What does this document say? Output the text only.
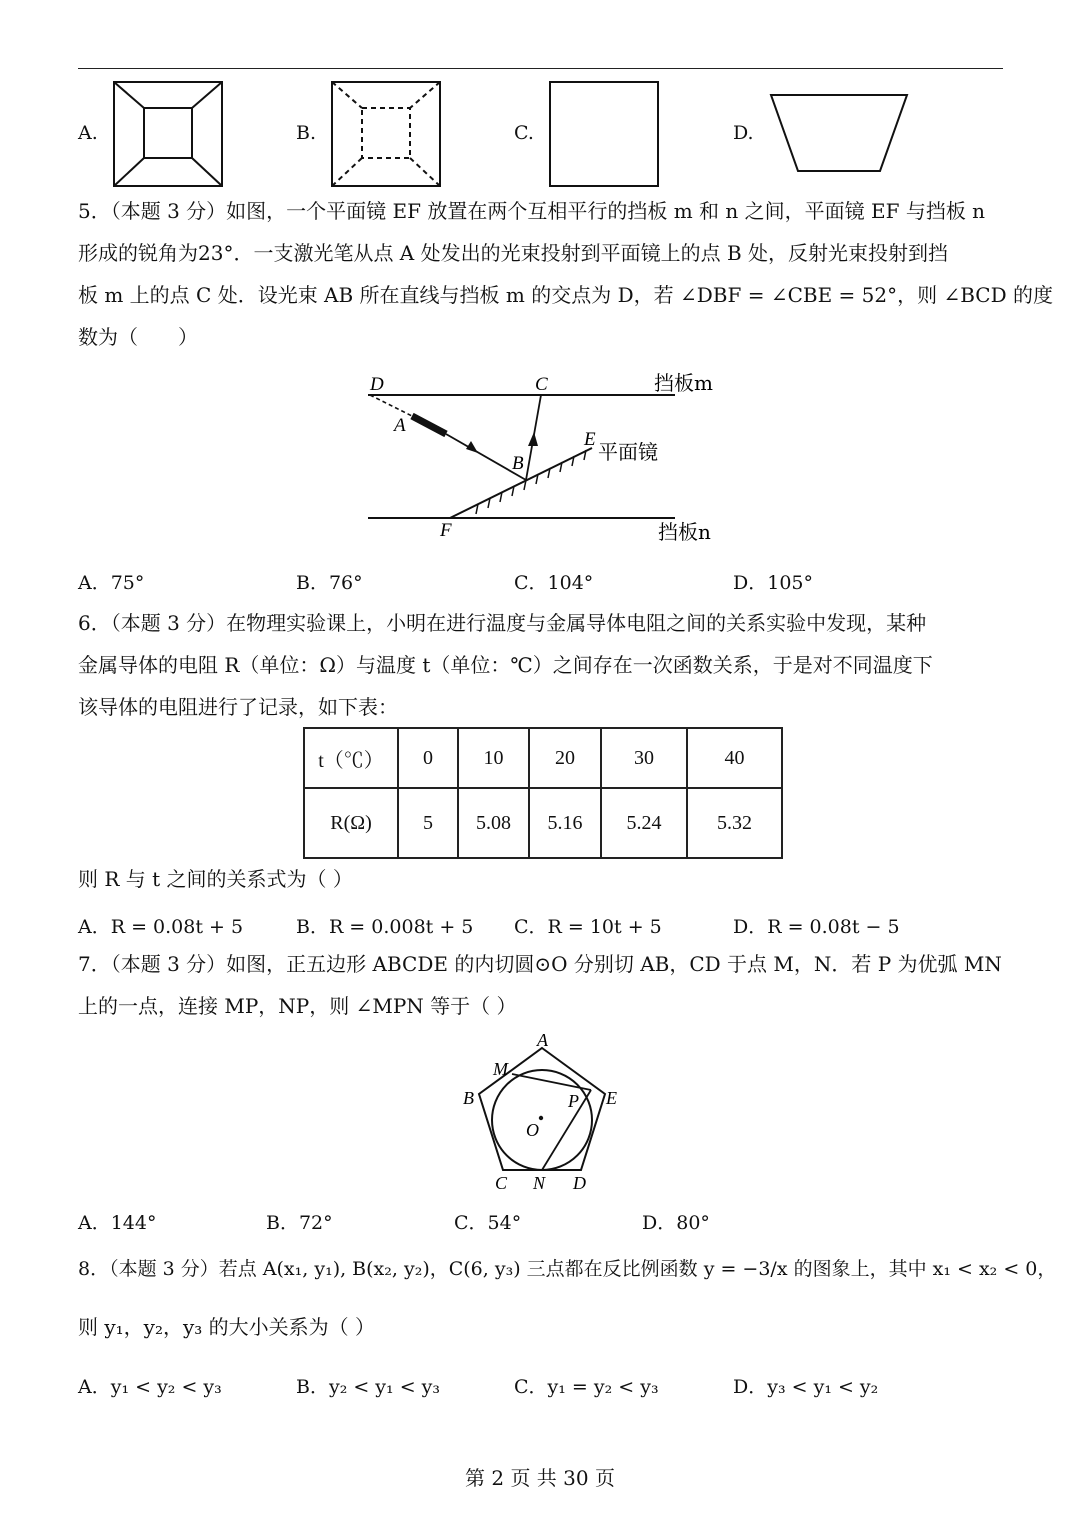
A.	B.	C.	D.

5．（本题 3 分）如图，一个平面镜 EF 放置在两个互相平行的挡板 m 和 n 之间，平面镜 EF 与挡板 n

形成的锐角为23°．一支激光笔从点 A 处发出的光束投射到平面镜上的点 B 处，反射光束投射到挡

板 m 上的点 C 处．设光束 AB 所在直线与挡板 m 的交点为 D，若 ∠DBF = ∠CBE = 52°，则 ∠BCD 的度

数为（　　）

D	C
A
B
E
F
平面镜
挡板m
挡板n
A．75°	B．76°	C．104°	D．105°

6．（本题 3 分）在物理实验课上，小明在进行温度与金属导体电阻之间的关系实验中发现，某种

金属导体的电阻 R（单位：Ω）与温度 t（单位：℃）之间存在一次函数关系，于是对不同温度下

该导体的电阻进行了记录，如下表：

t（℃）	0	10	20	30	40
R(Ω)	5	5.08	5.16	5.24	5.32
则 R 与 t 之间的关系式为（ ）
A．R = 0.08t + 5	B．R = 0.008t + 5 C．R = 10t + 5	D．R = 0.08t − 5

7．（本题 3 分）如图，正五边形 ABCDE 的内切圆⊙O 分别切 AB，CD 于点 M，N．若 P 为优弧 MN

上的一点，连接 MP，NP，则 ∠MPN 等于（ ）

A
B
C	D
E
M
N
P
O
A．144°	B．72°	C．54°	D．80°
8．（本题 3 分）若点 A(x₁, y₁), B(x₂, y₂)，C(6, y₃) 三点都在反比例函数 y = −3/x 的图象上，其中 x₁ < x₂ < 0，
则 y₁，y₂，y₃ 的大小关系为（ ）
A．y₁ < y₂ < y₃	B．y₂ < y₁ < y₃	C．y₁ = y₂ < y₃	D．y₃ < y₁ < y₂
第 2 页 共 30 页
